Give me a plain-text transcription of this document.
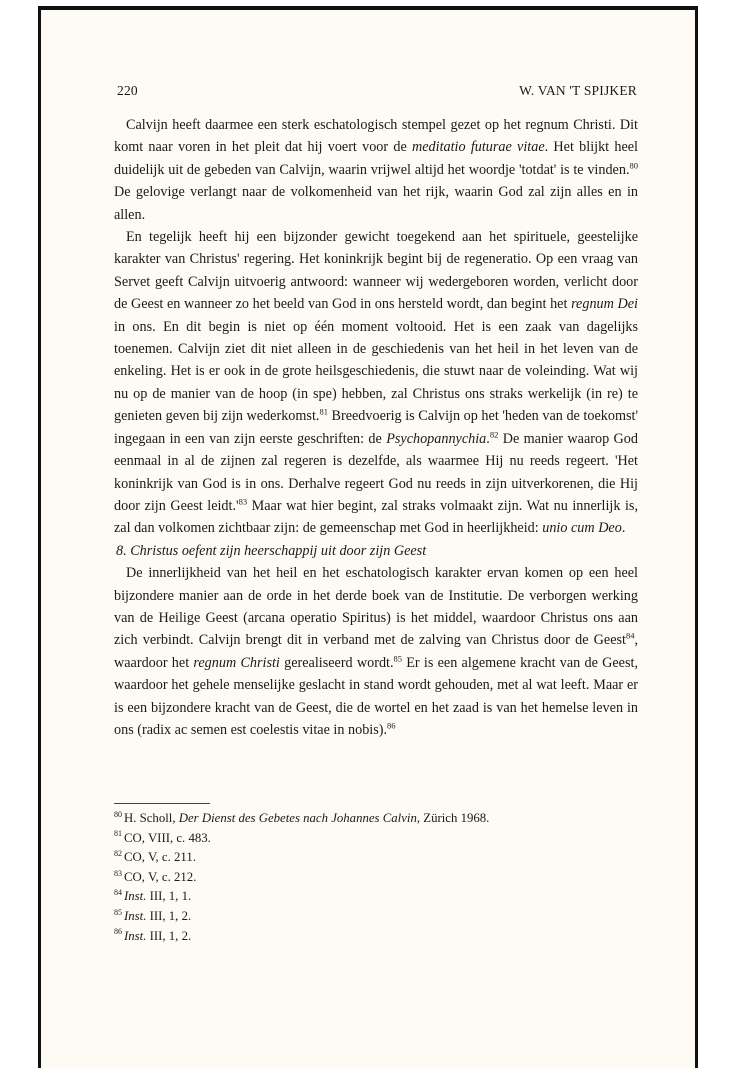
220	W. VAN 'T SPIJKER

Calvijn heeft daarmee een sterk eschatologisch stempel gezet op het regnum Christi. Dit komt naar voren in het pleit dat hij voert voor de meditatio futurae vitae. Het blijkt heel duidelijk uit de gebeden van Calvijn, waarin vrijwel altijd het woordje 'totdat' is te vinden.$^{80}$ De gelovige verlangt naar de volkomenheid van het rijk, waarin God zal zijn alles en in allen.

En tegelijk heeft hij een bijzonder gewicht toegekend aan het spirituele, geestelijke karakter van Christus' regering. Het koninkrijk begint bij de regeneratio. Op een vraag van Servet geeft Calvijn uitvoerig antwoord: wanneer wij wedergeboren worden, verlicht door de Geest en wanneer zo het beeld van God in ons hersteld wordt, dan begint het regnum Dei in ons. En dit begin is niet op één moment voltooid. Het is een zaak van dagelijks toenemen. Calvijn ziet dit niet alleen in de geschiedenis van het heil in het leven van de enkeling. Het is er ook in de grote heilsgeschiedenis, die stuwt naar de voleinding. Wat wij nu op de manier van de hoop (in spe) hebben, zal Christus ons straks werkelijk (in re) te genieten geven bij zijn wederkomst.$^{81}$ Breedvoerig is Calvijn op het 'heden van de toekomst' ingegaan in een van zijn eerste geschriften: de Psychopannychia.$^{82}$ De manier waarop God eenmaal in al de zijnen zal regeren is dezelfde, als waarmee Hij nu reeds regeert. 'Het koninkrijk van God is in ons. Derhalve regeert God nu reeds in zijn uitverkorenen, die Hij door zijn Geest $leidt.'^{83}$ Maar wat hier begint, zal straks volmaakt zijn. Wat nu innerlijk is, zal dan volkomen zichtbaar zijn: de gemeenschap met God in heerlijkheid: unio cum Deo.

8. Christus oefent zijn heerschappij uit door zijn Geest

De innerlijkheid van het heil en het eschatologisch karakter ervan komen op een heel bijzondere manier aan de orde in het derde boek van de Institutie. De verborgen werking van de Heilige Geest (arcana operatio Spiritus) is het middel, waardoor Christus ons aan zich verbindt. Calvijn brengt dit in verband met de zalving van Christus door de Geest$^{84}$, waardoor het regnum Christi gerealiseerd wordt.$^{85}$ Er is een algemene kracht van de Geest, waardoor het gehele menselijke geslacht in stand wordt gehouden, met al wat leeft. Maar er is een bijzondere kracht van de Geest, die de wortel en het zaad is van het hemelse leven in ons (radix ac semen est coelestis vitae in nobis).$^{86}$

$^{80}$ H. Scholl, Der Dienst des Gebetes nach Johannes Calvin, Zürich 1968.
$^{81}$ CO, VIII, c. 483.
$^{82}$ CO, V, c. 211.
$^{83}$ CO, V, c. 212.
$^{84}$ Inst. III, 1, 1.
$^{85}$ Inst. III, 1, 2.
$^{86}$ Inst. III, 1, 2.
